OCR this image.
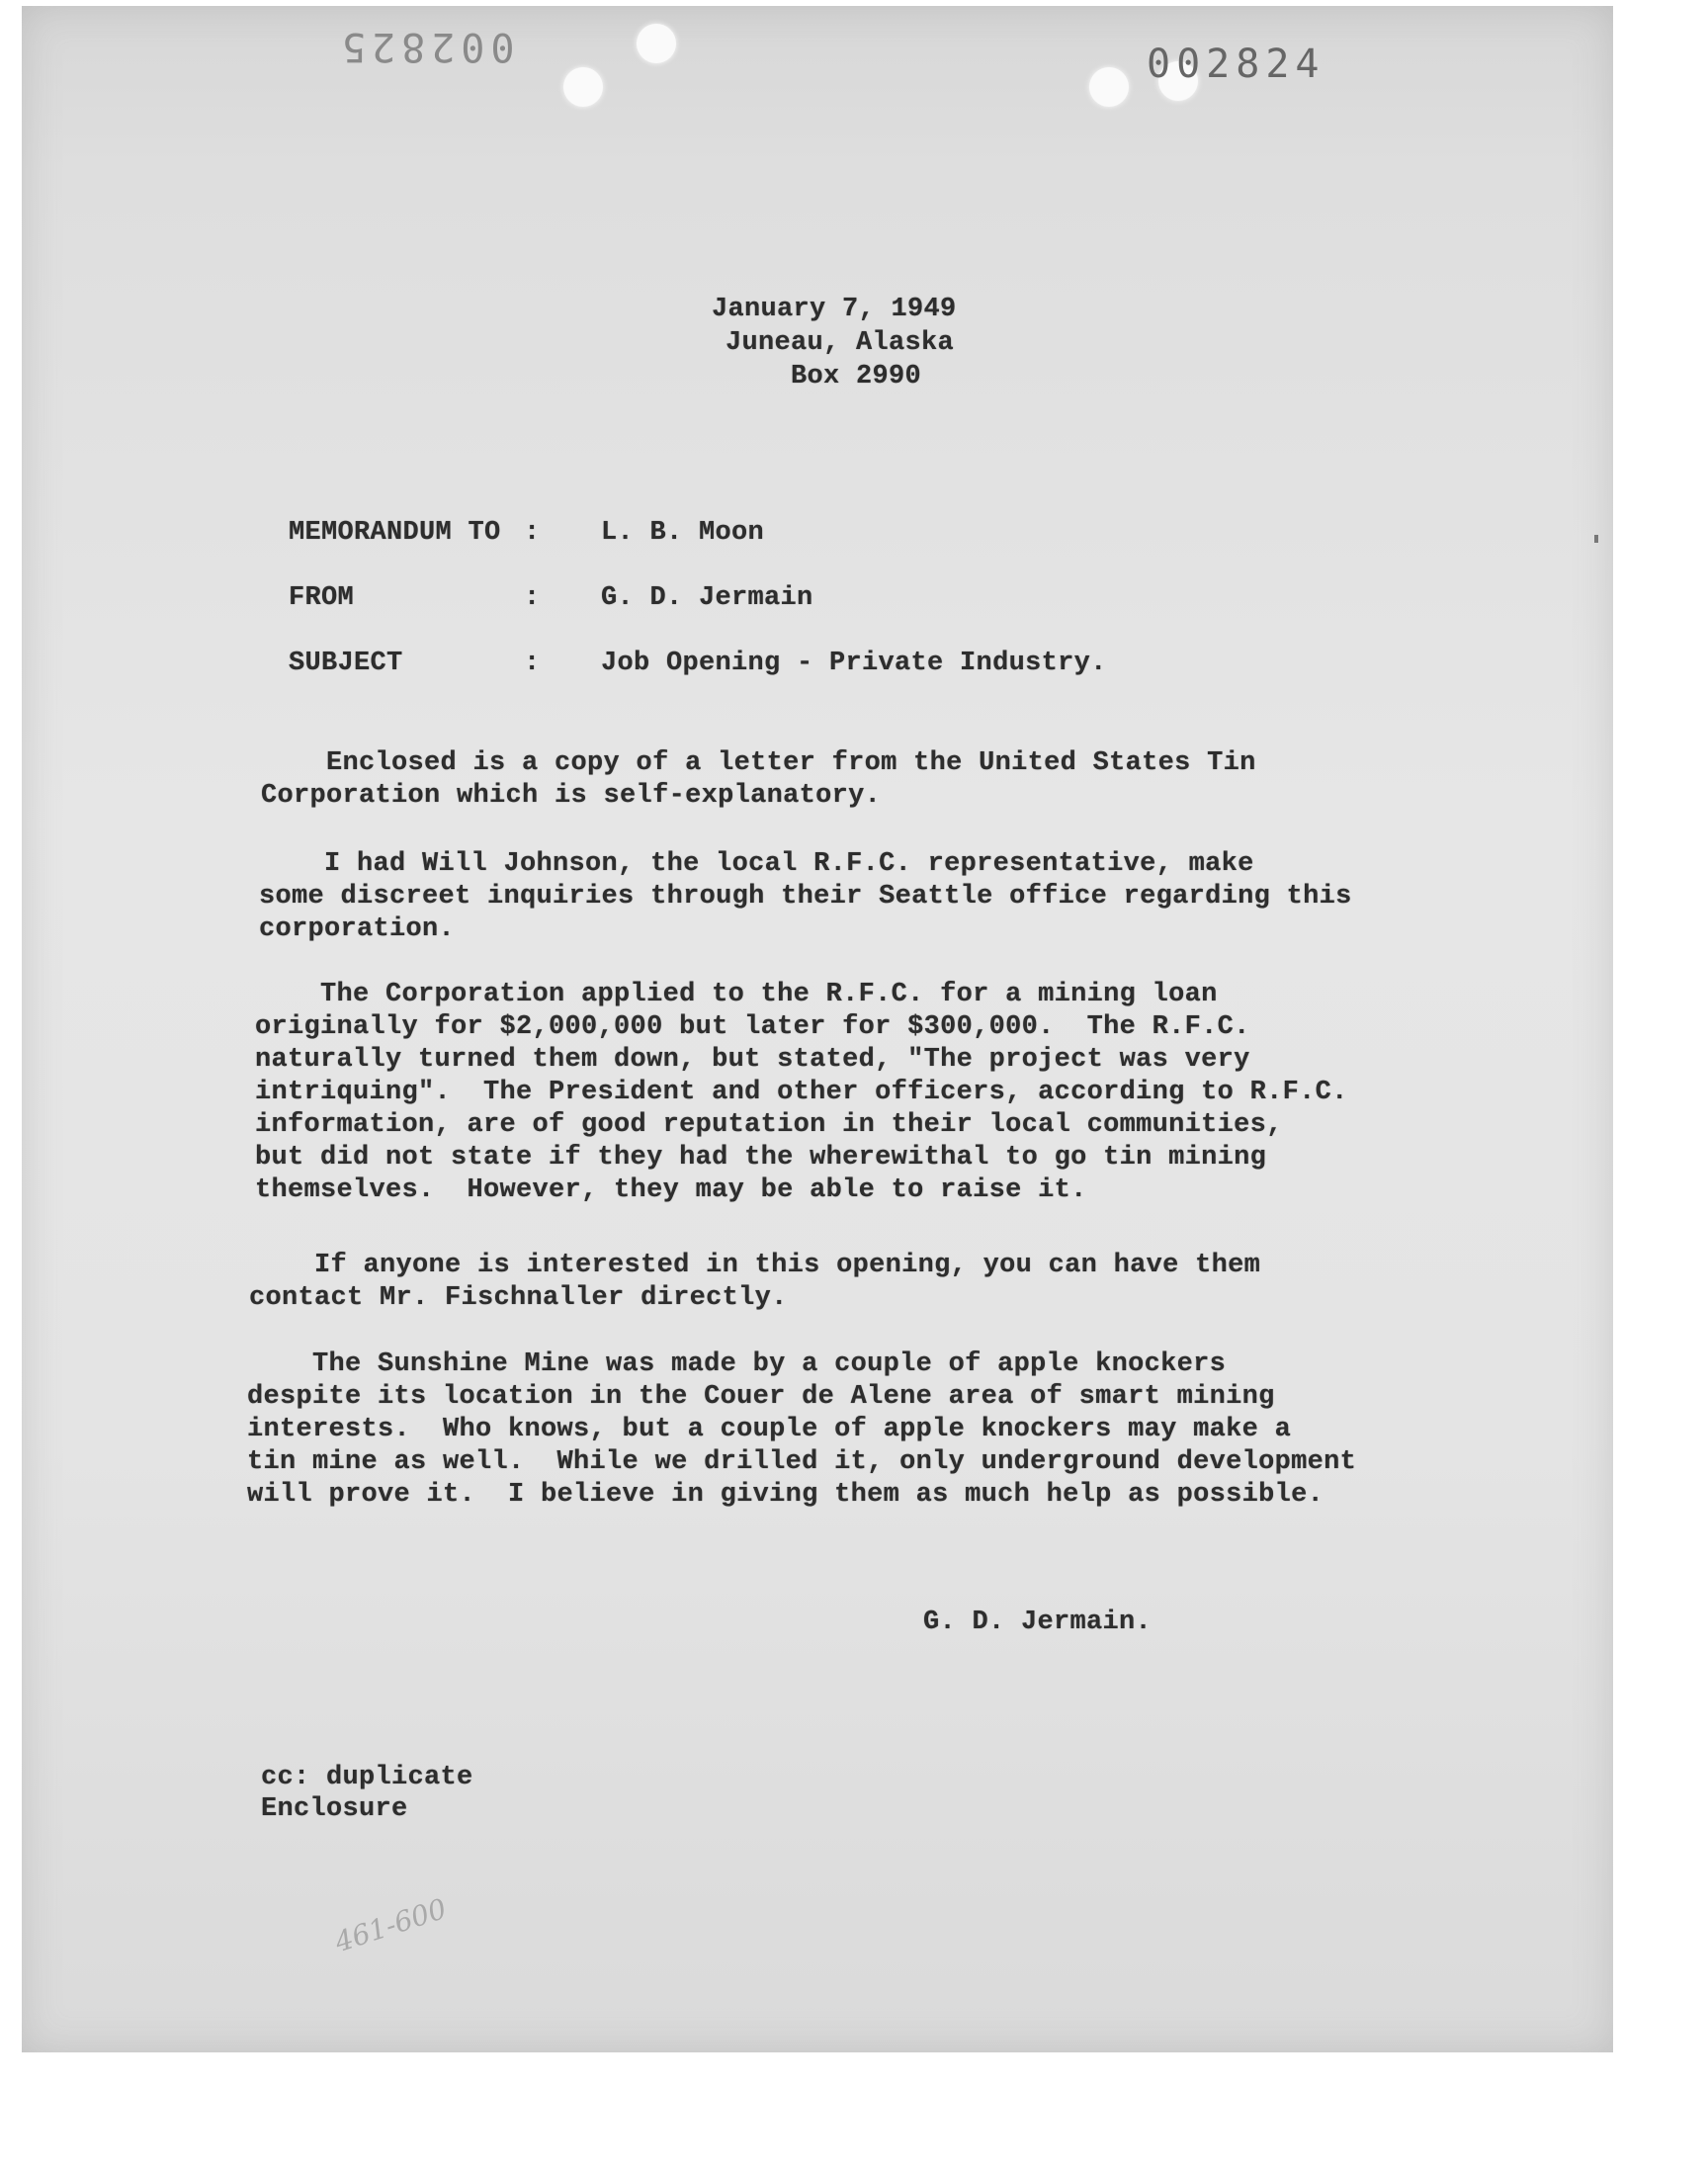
002825	002824
January 7, 1949
Juneau, Alaska
Box 2990
MEMORANDUM TO : L. B. Moon
FROM	: G. D. Jermain
SUBJECT	: Job Opening - Private Industry.
Enclosed is a copy of a letter from the United States Tin
Corporation which is self-explanatory.
I had Will Johnson, the local R.F.C. representative, make
some discreet inquiries through their Seattle office regarding this
corporation.
The Corporation applied to the R.F.C. for a mining loan
originally for $2,000,000 but later for $300,000.  The R.F.C.
naturally turned them down, but stated, "The project was very
intriquing".  The President and other officers, according to R.F.C.
information, are of good reputation in their local communities,
but did not state if they had the wherewithal to go tin mining
themselves.  However, they may be able to raise it.
If anyone is interested in this opening, you can have them
contact Mr. Fischnaller directly.
The Sunshine Mine was made by a couple of apple knockers
despite its location in the Couer de Alene area of smart mining
interests.  Who knows, but a couple of apple knockers may make a
tin mine as well.  While we drilled it, only underground development
will prove it.  I believe in giving them as much help as possible.
G. D. Jermain.
cc: duplicate
Enclosure
461-600
